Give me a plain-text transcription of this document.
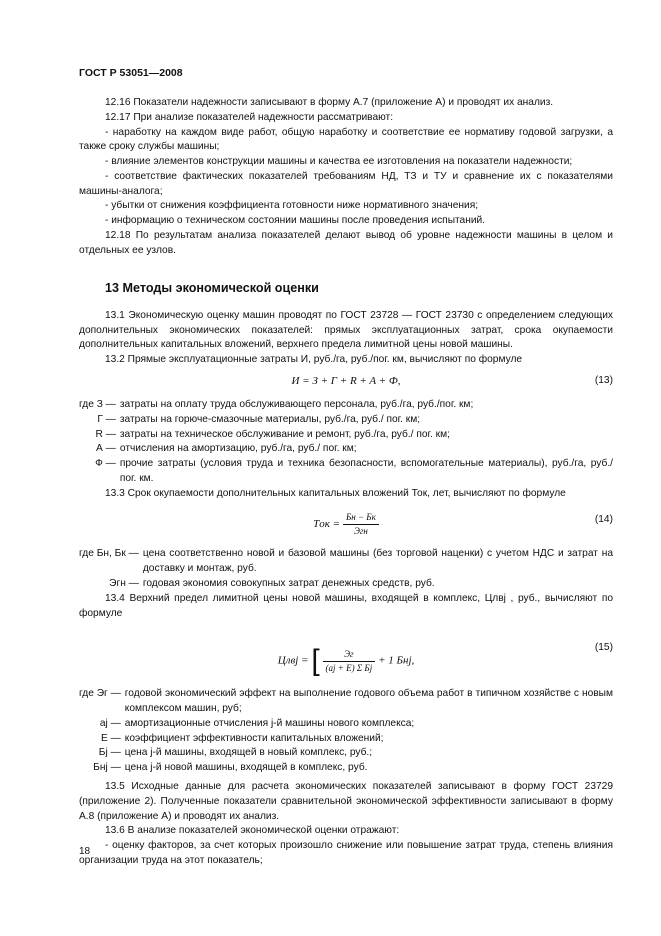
ГОСТ Р 53051—2008

12.16 Показатели надежности записывают в форму А.7 (приложение А) и проводят их анализ.

12.17 При анализе показателей надежности рассматривают:

- наработку на каждом виде работ, общую наработку и соответствие ее нормативу годовой загрузки, а также сроку службы машины;

- влияние элементов конструкции машины и качества ее изготовления на показатели надежности;

- соответствие фактических показателей требованиям НД, ТЗ и ТУ и сравнение их с показателями машины-аналога;

- убытки от снижения коэффициента готовности ниже нормативного значения;

- информацию о техническом состоянии машины после проведения испытаний.

12.18 По результатам анализа показателей делают вывод об уровне надежности машины в целом и отдельных ее узлов.

13 Методы экономической оценки

13.1 Экономическую оценку машин проводят по ГОСТ 23728 — ГОСТ 23730 с определением следующих дополнительных экономических показателей: прямых эксплуатационных затрат, срока окупаемости дополнительных капитальных вложений, верхнего предела лимитной цены новой машины.

13.2 Прямые эксплуатационные затраты И, руб./га, руб./пог. км, вычисляют по формуле

И = З + Г + R + A + Ф,	(13)
где З — затраты на оплату труда обслуживающего персонала, руб./га, руб./пог. км;
Г — затраты на горюче-смазочные материалы, руб./га, руб./ пог. км;
R — затраты на техническое обслуживание и ремонт, руб./га, руб./ пог. км;
А — отчисления на амортизацию, руб./га, руб./ пог. км;
Ф — прочие затраты (условия труда и техника безопасности, вспомогательные материалы), руб./га, руб./ пог. км.

13.3 Срок окупаемости дополнительных капитальных вложений Ток, лет, вычисляют по формуле

Tок = $\frac{Бн - Бк}{\text{Эгн}}$	(14)
где Бн, Бк — цена соответственно новой и базовой машины (без торговой наценки) с учетом НДС и затрат на доставку и монтаж, руб.
Эгн — годовая экономия совокупных затрат денежных средств, руб.

13.4 Верхний предел лимитной цены новой машины, входящей в комплекс, Цлвj , руб., вычисляют по формуле

Цлвj = [ $\frac{Эг}{\text{(aj + E) Σ Бj}} + 1$ Бнj,
(15)
где Эг — годовой экономический эффект на выполнение годового объема работ в типичном хозяйстве с новым комплексом машин, руб;
aj — амортизационные отчисления j-й машины нового комплекса;
Е — коэффициент эффективности капитальных вложений;
Бj — цена j-й машины, входящей в новый комплекс, руб.;
Бнj — цена j-й новой машины, входящей в комплекс, руб.

13.5 Исходные данные для расчета экономических показателей записывают в форму ГОСТ 23729 (приложение 2). Полученные показатели сравнительной экономической эффективности записывают в форму А.8 (приложение А) и проводят их анализ.

13.6 В анализе показателей экономической оценки отражают:

- оценку факторов, за счет которых произошло снижение или повышение затрат труда, степень влияния организации труда на этот показатель;

18
